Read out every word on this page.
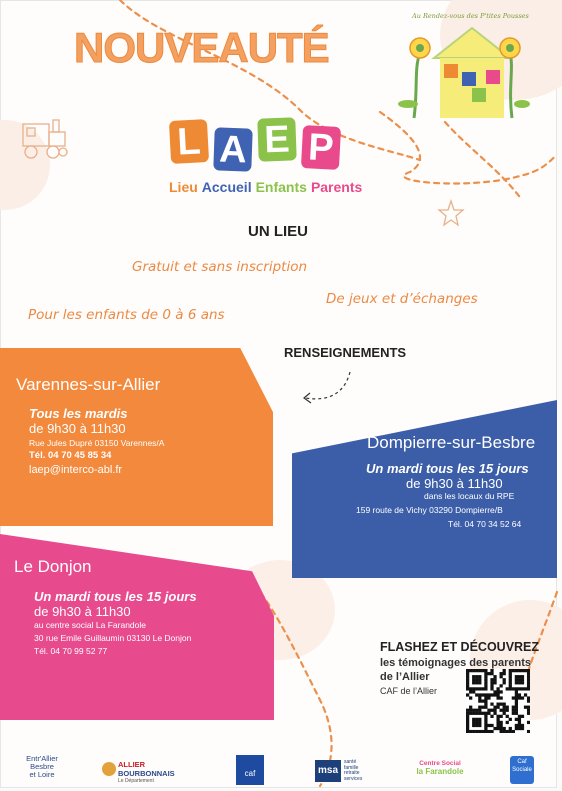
NOUVEAUTÉ
Au Rendez-vous des P'tites Pousses
L A E P
Lieu Accueil Enfants Parents
UN LIEU
Gratuit et sans inscription
De jeux et d’échanges
Pour les enfants de 0 à 6 ans
RENSEIGNEMENTS
Varennes-sur-Allier
Tous les mardis
de 9h30 à 11h30
Rue Jules Dupré 03150 Varennes/A
Tél. 04 70 45 85 34
laep@interco-abl.fr
Dompierre-sur-Besbre
Un mardi tous les 15 jours
de 9h30 à 11h30
dans les locaux du RPE
159 route de Vichy 03290 Dompierre/B
Tél. 04 70 34 52 64
Le Donjon
Un mardi tous les 15 jours
de 9h30 à 11h30
au centre social La Farandole
30 rue Emile Guillaumin 03130 Le Donjon
Tél. 04 70 99 52 77	FLASHEZ ET DÉCOUVREZ
les témoignages des parents
de l’Allier
CAF de l’Allier
Entr'Allier
Besbre
et Loire
ALLIER
BOURBONNAIS
Le Département
caf	msa
santé
famille
retraite
services
Centre Social
la Farandole
Caf Sociale
